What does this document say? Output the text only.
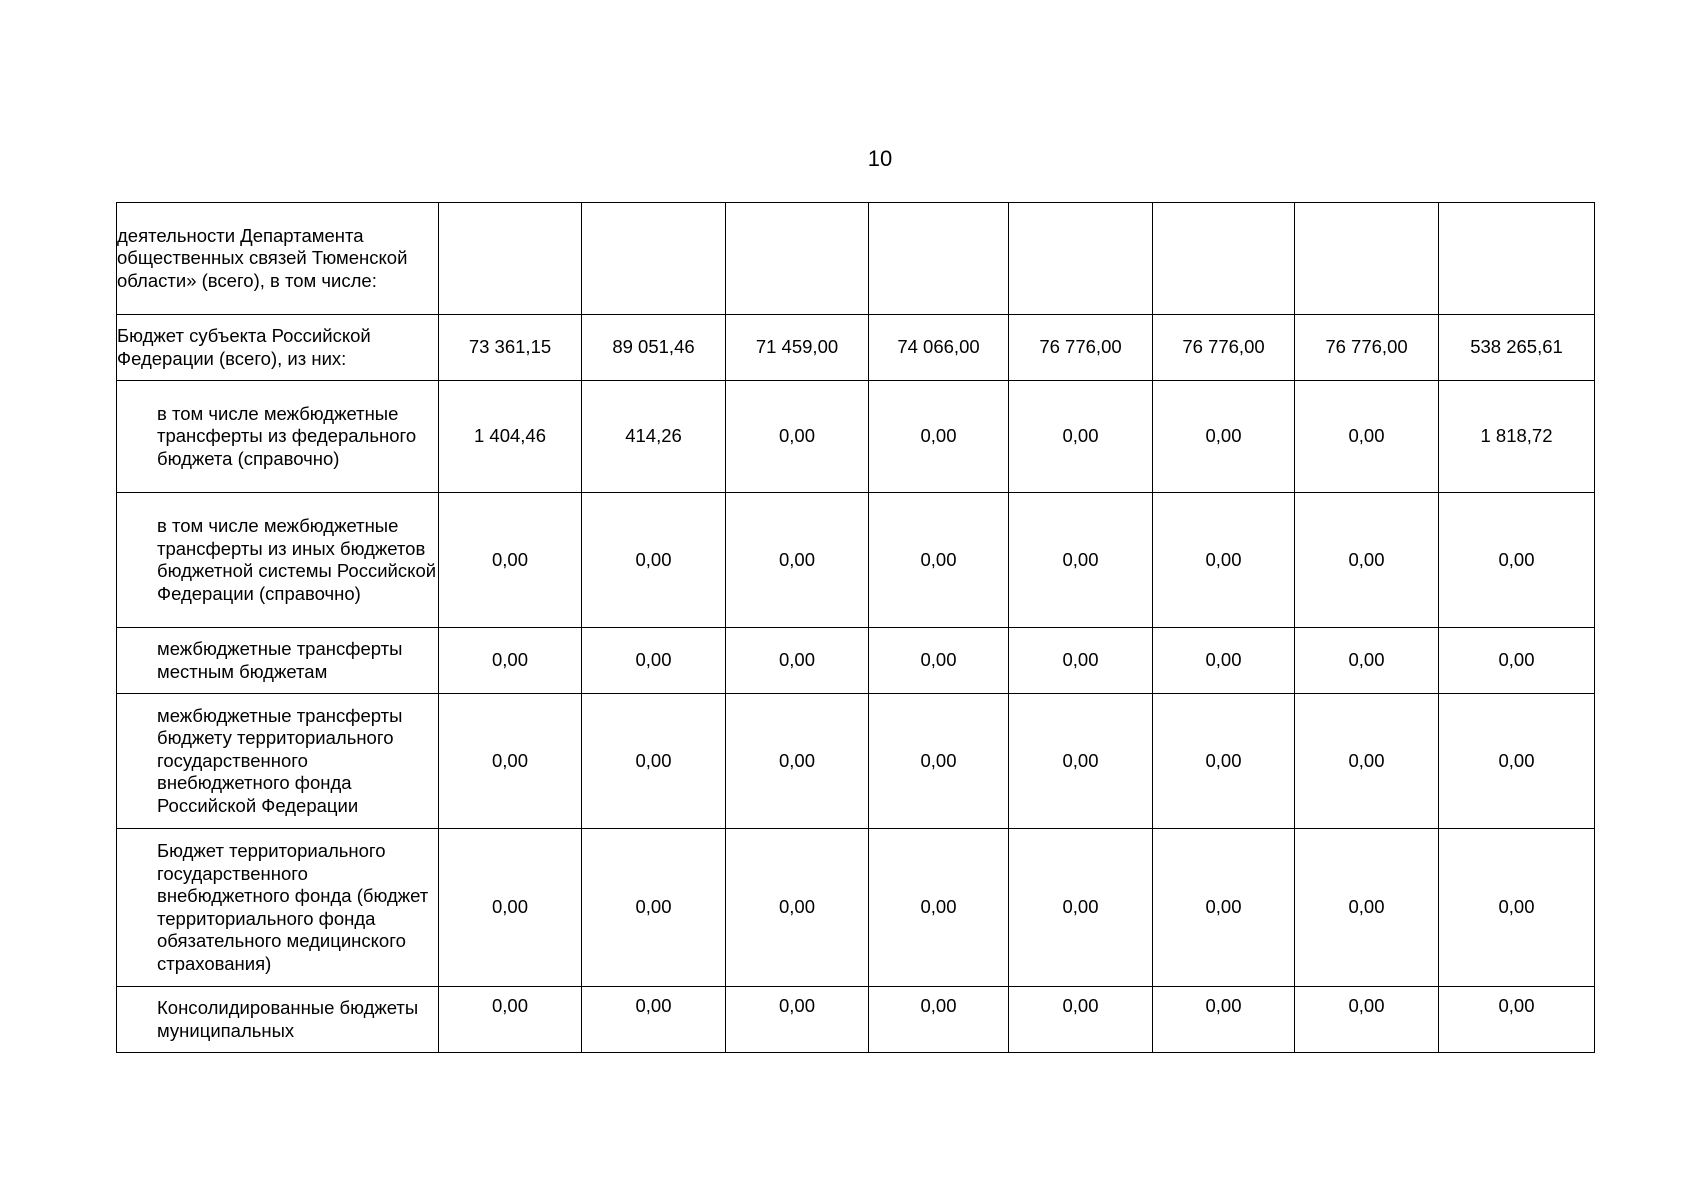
10
деятельности Департамента общественных связей Тюменской области» (всего), в том числе:								
Бюджет субъекта Российской Федерации (всего), из них:	73 361,15	89 051,46	71 459,00	74 066,00	76 776,00	76 776,00	76 776,00	538 265,61
в том числе межбюджетные трансферты из федерального бюджета (справочно)	1 404,46	414,26	0,00	0,00	0,00	0,00	0,00	1 818,72
в том числе межбюджетные трансферты из иных бюджетов бюджетной системы Российской Федерации (справочно)	0,00	0,00	0,00	0,00	0,00	0,00	0,00	0,00
межбюджетные трансферты местным бюджетам	0,00	0,00	0,00	0,00	0,00	0,00	0,00	0,00
межбюджетные трансферты бюджету территориального государственного внебюджетного фонда Российской Федерации	0,00	0,00	0,00	0,00	0,00	0,00	0,00	0,00
Бюджет территориального государственного внебюджетного фонда (бюджет территориального фонда обязательного медицинского страхования)	0,00	0,00	0,00	0,00	0,00	0,00	0,00	0,00
Консолидированные бюджеты муниципальных	0,00	0,00	0,00	0,00	0,00	0,00	0,00	0,00
